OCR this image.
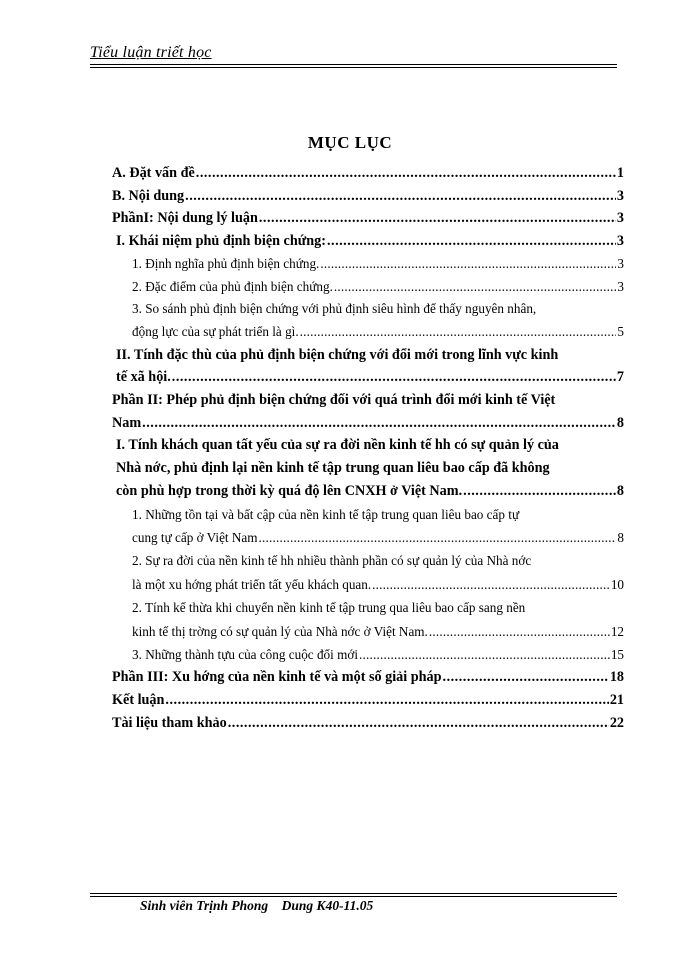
Tiểu luận triết học
MỤC LỤC
A. Đặt vấn đề .....	1
B. Nội dung .....	3
PhầnI: Nội dung lý luận .....	3
I. Khái niệm phủ định biện chứng: .....	3
1. Định nghĩa phủ định biện chứng. .....	3
2. Đặc điểm của phủ định biện chứng. .....	3
3. So sánh phủ định biện chứng với phủ định siêu hình để thấy nguyên nhân,
động lực của sự phát triển là gì. .....	5
II. Tính đặc thù của phủ định biện chứng với đổi mới trong lĩnh vực kinh
tế xã hội. .....	7
Phần II: Phép phủ định biện chứng đối với quá trình đổi mới kinh tế Việt
Nam .....	8
I. Tính khách quan tất yếu của sự ra đời nền kinh tế hh có sự quản lý của
Nhà nớc, phủ định lại nền kinh tế tập trung quan liêu bao cấp đã không
còn phù hợp trong thời kỳ quá độ lên CNXH ở Việt Nam. .....	8
1. Những tồn tại và bất cập của nền kinh tế tập trung quan liêu bao cấp tự
cung tự cấp ở Việt Nam .....	8
2. Sự ra đời của nền kinh tế hh nhiều thành phần có sự quản lý của Nhà nớc
là một xu hớng phát triển tất yếu khách quan. .....	10
2. Tính kế thừa khi chuyển nền kinh tế tập trung qua liêu bao cấp sang nền
kinh tế thị trờng có sự quản lý của Nhà nớc ở Việt Nam. .....	12
3. Những thành tựu của công cuộc đổi mới .....	15
Phần III: Xu hớng của nền kinh tế và một số giải pháp .....	18
Kết luận .....	21
Tài liệu tham khảo .....	22
Sinh viên Trịnh Phong    Dung K40-11.05
